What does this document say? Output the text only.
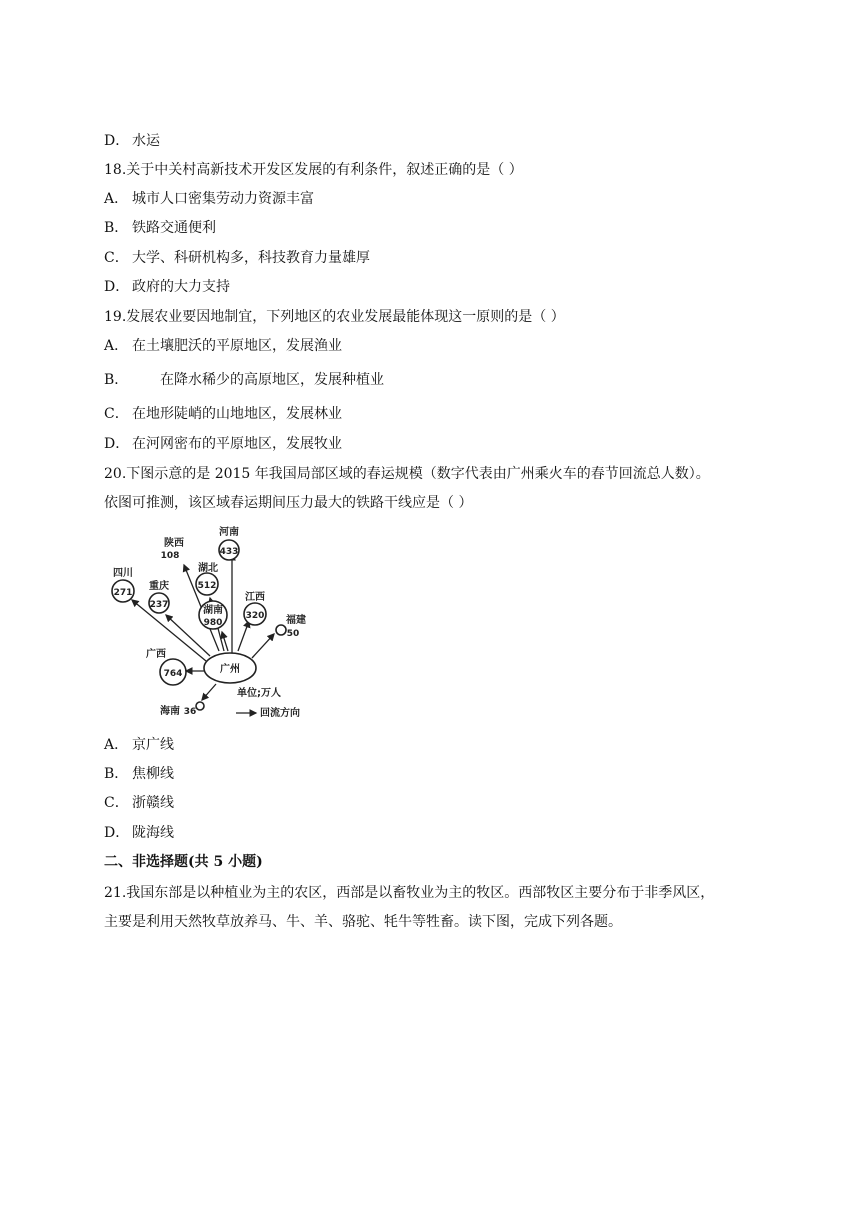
D． 水运
18.关于中关村高新技术开发区发展的有利条件，叙述正确的是（ ）
A． 城市人口密集劳动力资源丰富
B． 铁路交通便利
C． 大学、科研机构多，科技教育力量雄厚
D． 政府的大力支持
19.发展农业要因地制宜，下列地区的农业发展最能体现这一原则的是（ ）
A． 在土壤肥沃的平原地区，发展渔业
B． 在降水稀少的高原地区，发展种植业
C． 在地形陡峭的山地地区，发展林业
D． 在河网密布的平原地区，发展牧业
20.下图示意的是 2015 年我国局部区域的春运规模（数字代表由广州乘火车的春节回流总人数）。
依图可推测，该区域春运期间压力最大的铁路干线应是（ ）
广州
河南
433
陕西
108
湖北
512
四川
271
重庆
237	湖南
980
江西
320 福建
50
广西
764
海南 36
单位;万人
回流方向
A． 京广线
B． 焦柳线
C． 浙赣线
D． 陇海线
二、非选择题(共 5 小题)
21.我国东部是以种植业为主的农区，西部是以畜牧业为主的牧区。西部牧区主要分布于非季风区，
主要是利用天然牧草放养马、牛、羊、骆驼、牦牛等牲畜。读下图，完成下列各题。
